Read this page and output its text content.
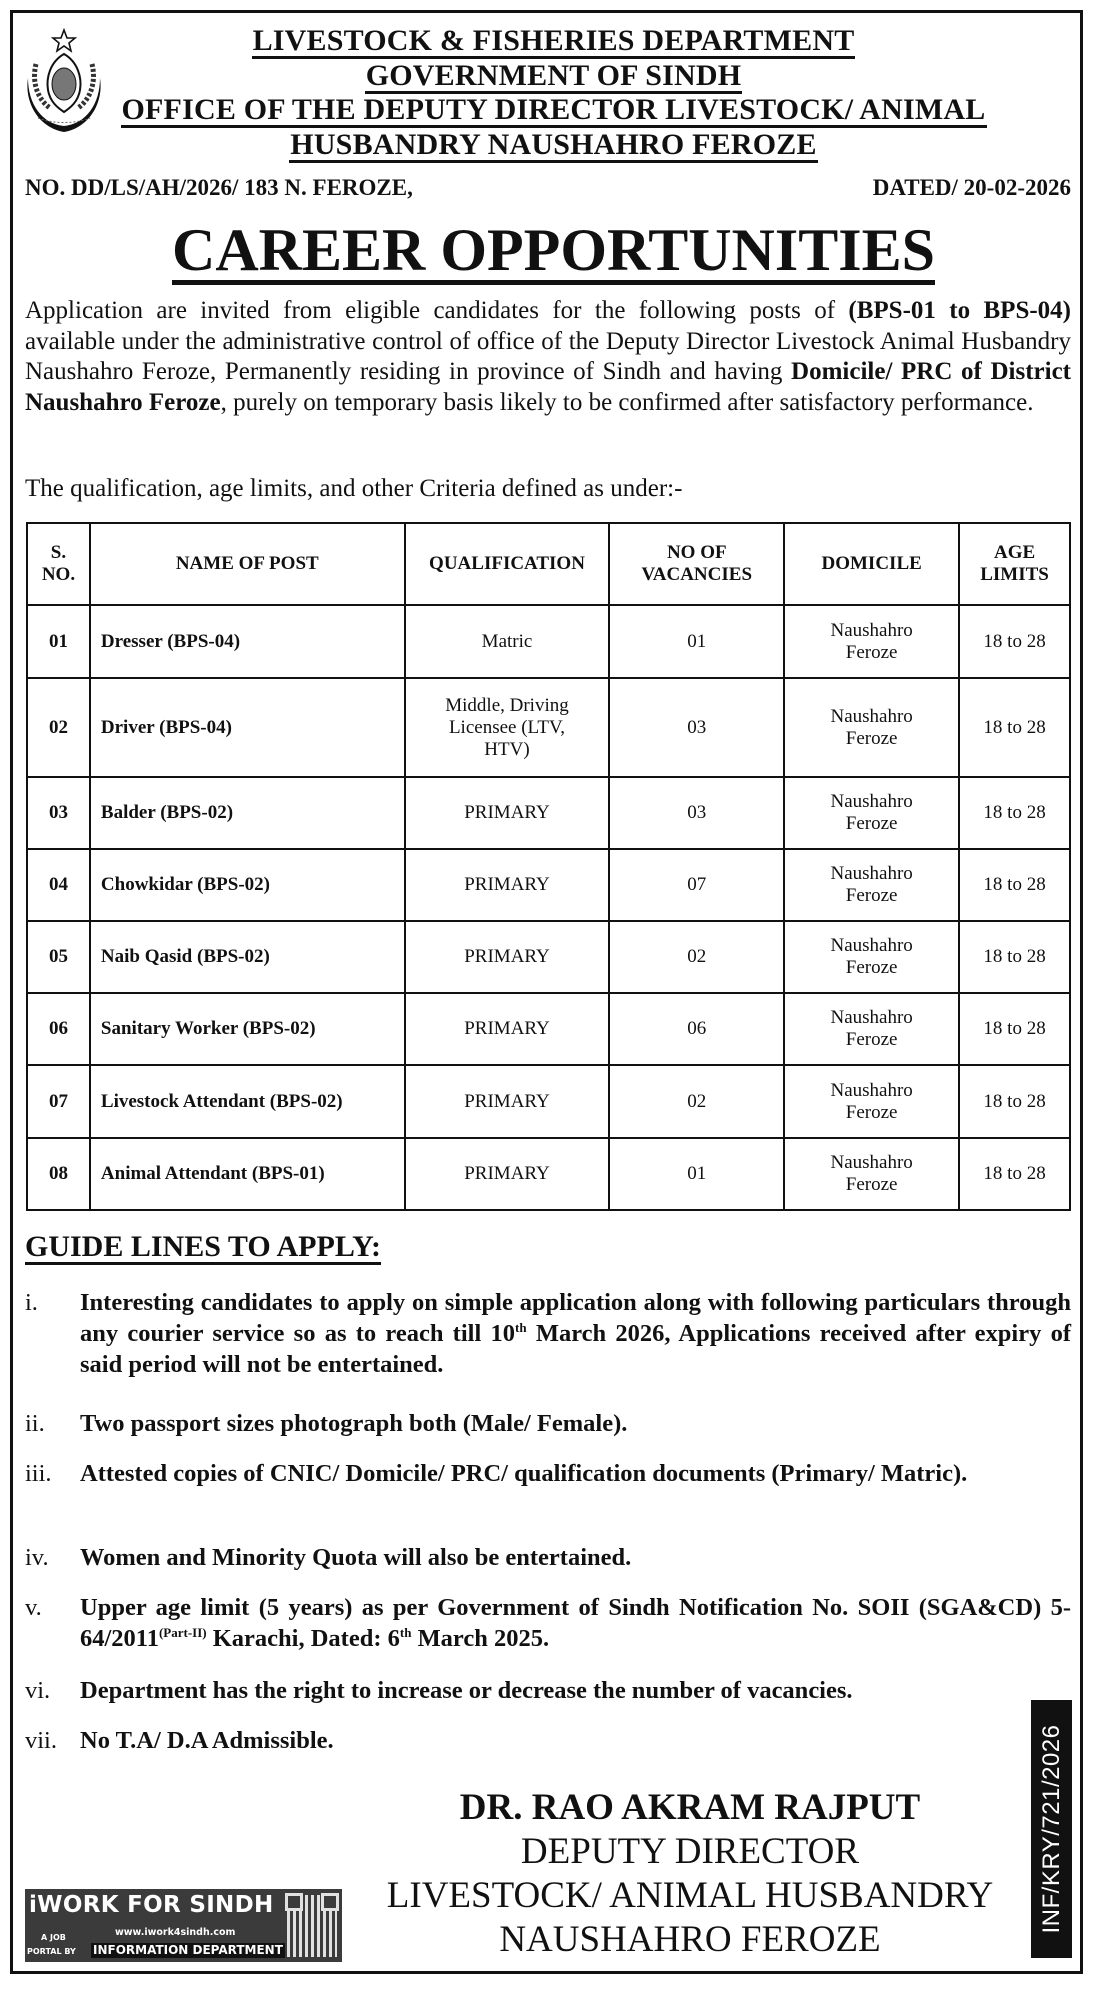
LIVESTOCK & FISHERIES DEPARTMENT
GOVERNMENT OF SINDH
OFFICE OF THE DEPUTY DIRECTOR LIVESTOCK/ ANIMAL
HUSBANDRY NAUSHAHRO FEROZE
NO. DD/LS/AH/2026/ 183 N. FEROZE,	DATED/ 20-02-2026
CAREER OPPORTUNITIES
Application are invited from eligible candidates for the following posts of (BPS-01 to BPS-04) available under the administrative control of office of the Deputy Director Livestock Animal Husbandry Naushahro Feroze, Permanently residing in province of Sindh and having Domicile/ PRC of District Naushahro Feroze, purely on temporary basis likely to be confirmed after satisfactory performance.
The qualification, age limits, and other Criteria defined as under:-
S. NO.	NAME OF POST	QUALIFICATION	NO OF VACANCIES	DOMICILE	AGE LIMITS
01	Dresser (BPS-04)	Matric	01	Naushahro Feroze	18 to 28
02	Driver (BPS-04)	Middle, Driving Licensee (LTV, HTV)	03	Naushahro Feroze	18 to 28
03	Balder (BPS-02)	PRIMARY	03	Naushahro Feroze	18 to 28
04	Chowkidar (BPS-02)	PRIMARY	07	Naushahro Feroze	18 to 28
05	Naib Qasid (BPS-02)	PRIMARY	02	Naushahro Feroze	18 to 28
06	Sanitary Worker (BPS-02)	PRIMARY	06	Naushahro Feroze	18 to 28
07	Livestock Attendant (BPS-02)	PRIMARY	02	Naushahro Feroze	18 to 28
08	Animal Attendant (BPS-01)	PRIMARY	01	Naushahro Feroze	18 to 28
GUIDE LINES TO APPLY:
i. Interesting candidates to apply on simple application along with following particulars through any courier service so as to reach till 10th March 2026, Applications received after expiry of said period will not be entertained.
ii. Two passport sizes photograph both (Male/ Female).
iii. Attested copies of CNIC/ Domicile/ PRC/ qualification documents (Primary/ Matric).
iv. Women and Minority Quota will also be entertained.
v. Upper age limit (5 years) as per Government of Sindh Notification No. SOII (SGA&CD) $5-64/2011^{(Part-II)}$ Karachi, Dated: 6th March 2025.
vi. Department has the right to increase or decrease the number of vacancies.
vii. No T.A/ D.A Admissible.
DR. RAO AKRAM RAJPUT
DEPUTY DIRECTOR
LIVESTOCK/ ANIMAL HUSBANDRY
NAUSHAHRO FEROZE
INF/KRY/721/2026
iWORK FOR SINDH
A JOB
PORTAL BY
www.iwork4sindh.com
INFORMATION DEPARTMENT
